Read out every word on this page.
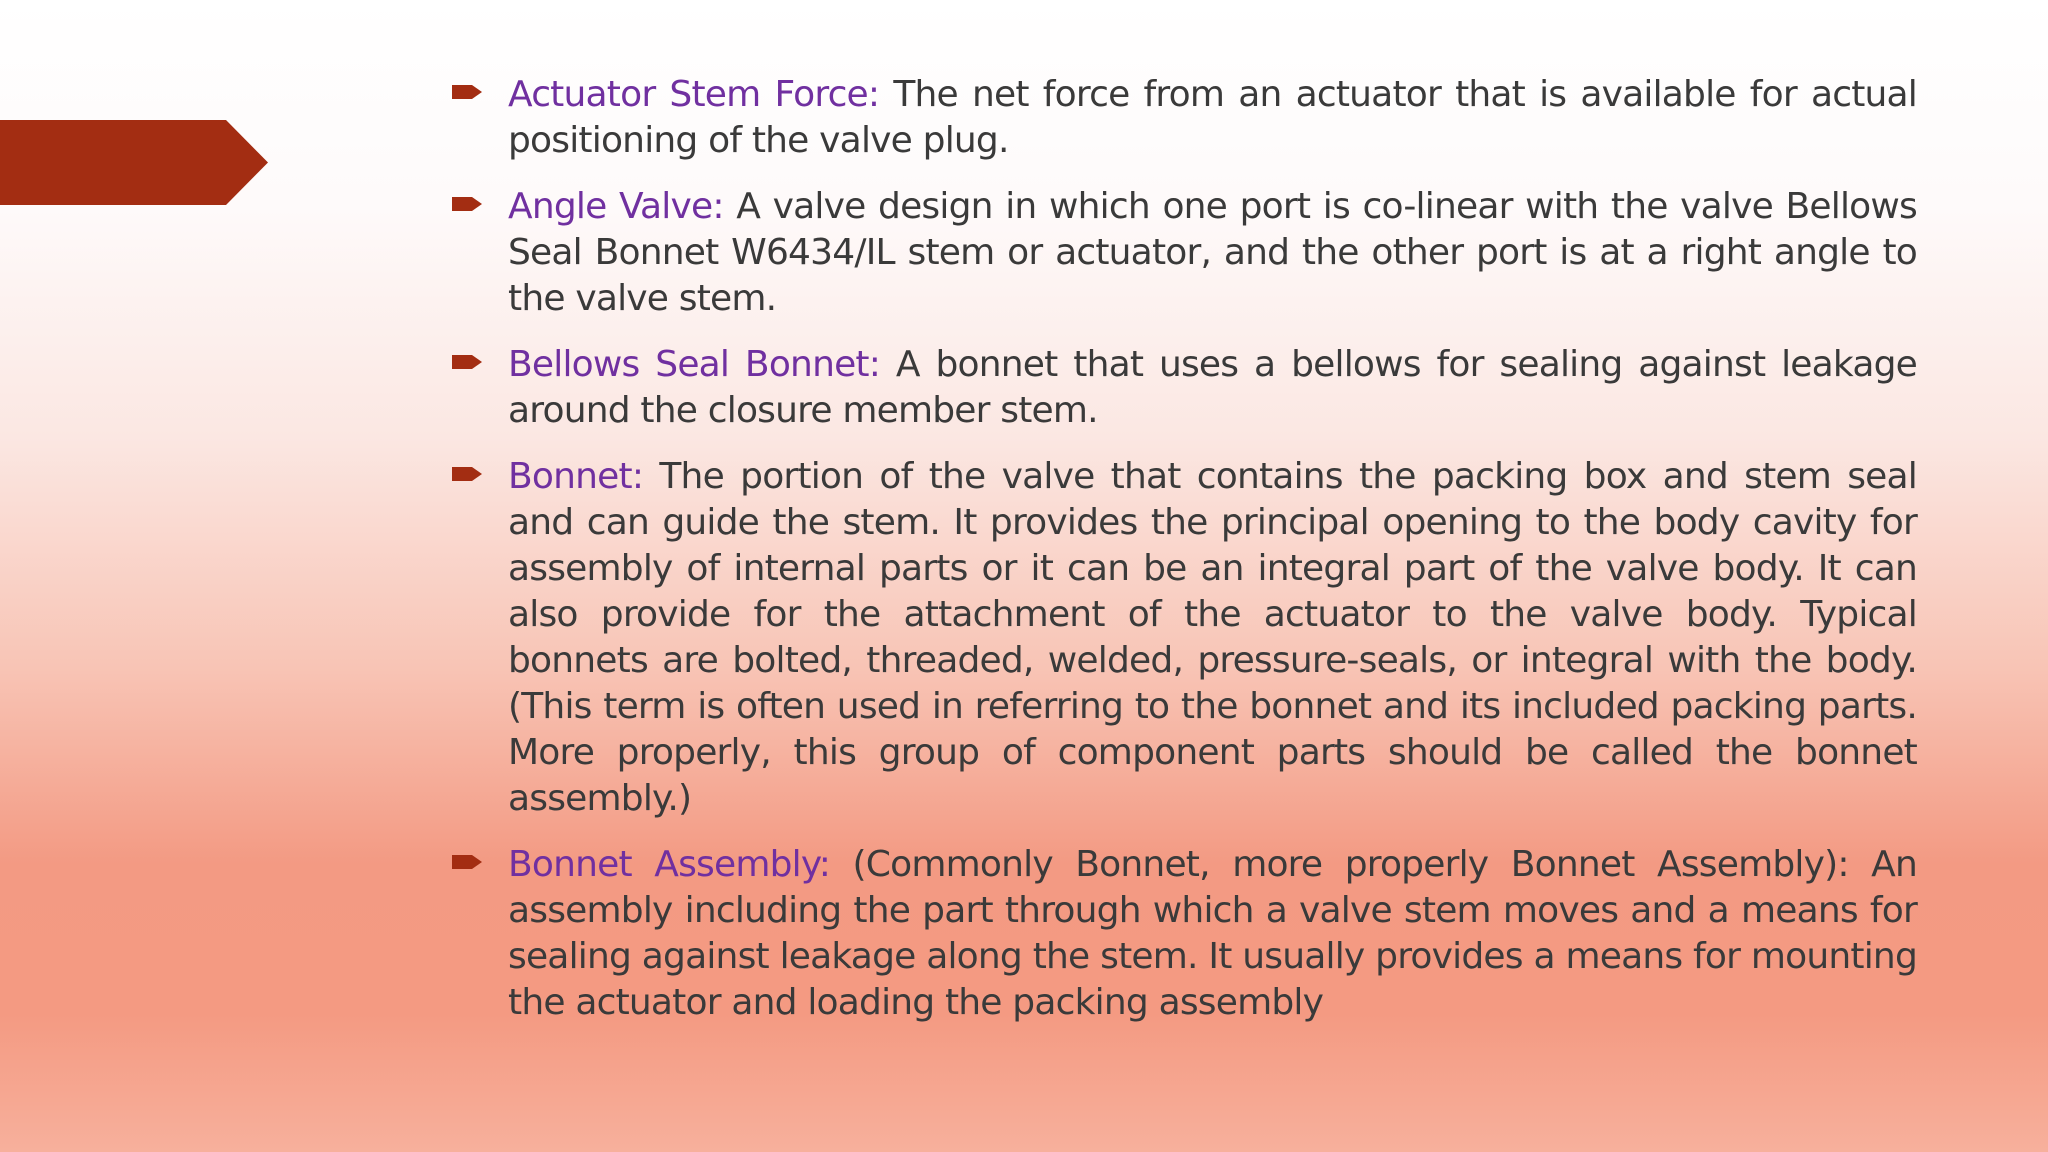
Actuator Stem Force: The net force from an actuator that is available for actual positioning of the valve plug.
Angle Valve: A valve design in which one port is co-linear with the valve Bellows Seal Bonnet W6434/IL stem or actuator, and the other port is at a right angle to the valve stem.
Bellows Seal Bonnet: A bonnet that uses a bellows for sealing against leakage around the closure member stem.
Bonnet: The portion of the valve that contains the packing box and stem seal and can guide the stem. It provides the principal opening to the body cavity for assembly of internal parts or it can be an integral part of the valve body. It can also provide for the attachment of the actuator to the valve body. Typical bonnets are bolted, threaded, welded, pressure-seals, or integral with the body. (This term is often used in referring to the bonnet and its included packing parts. More properly, this group of component parts should be called the bonnet assembly.)
Bonnet Assembly: (Commonly Bonnet, more properly Bonnet Assembly): An assembly including the part through which a valve stem moves and a means for sealing against leakage along the stem. It usually provides a means for mounting the actuator and loading the packing assembly
